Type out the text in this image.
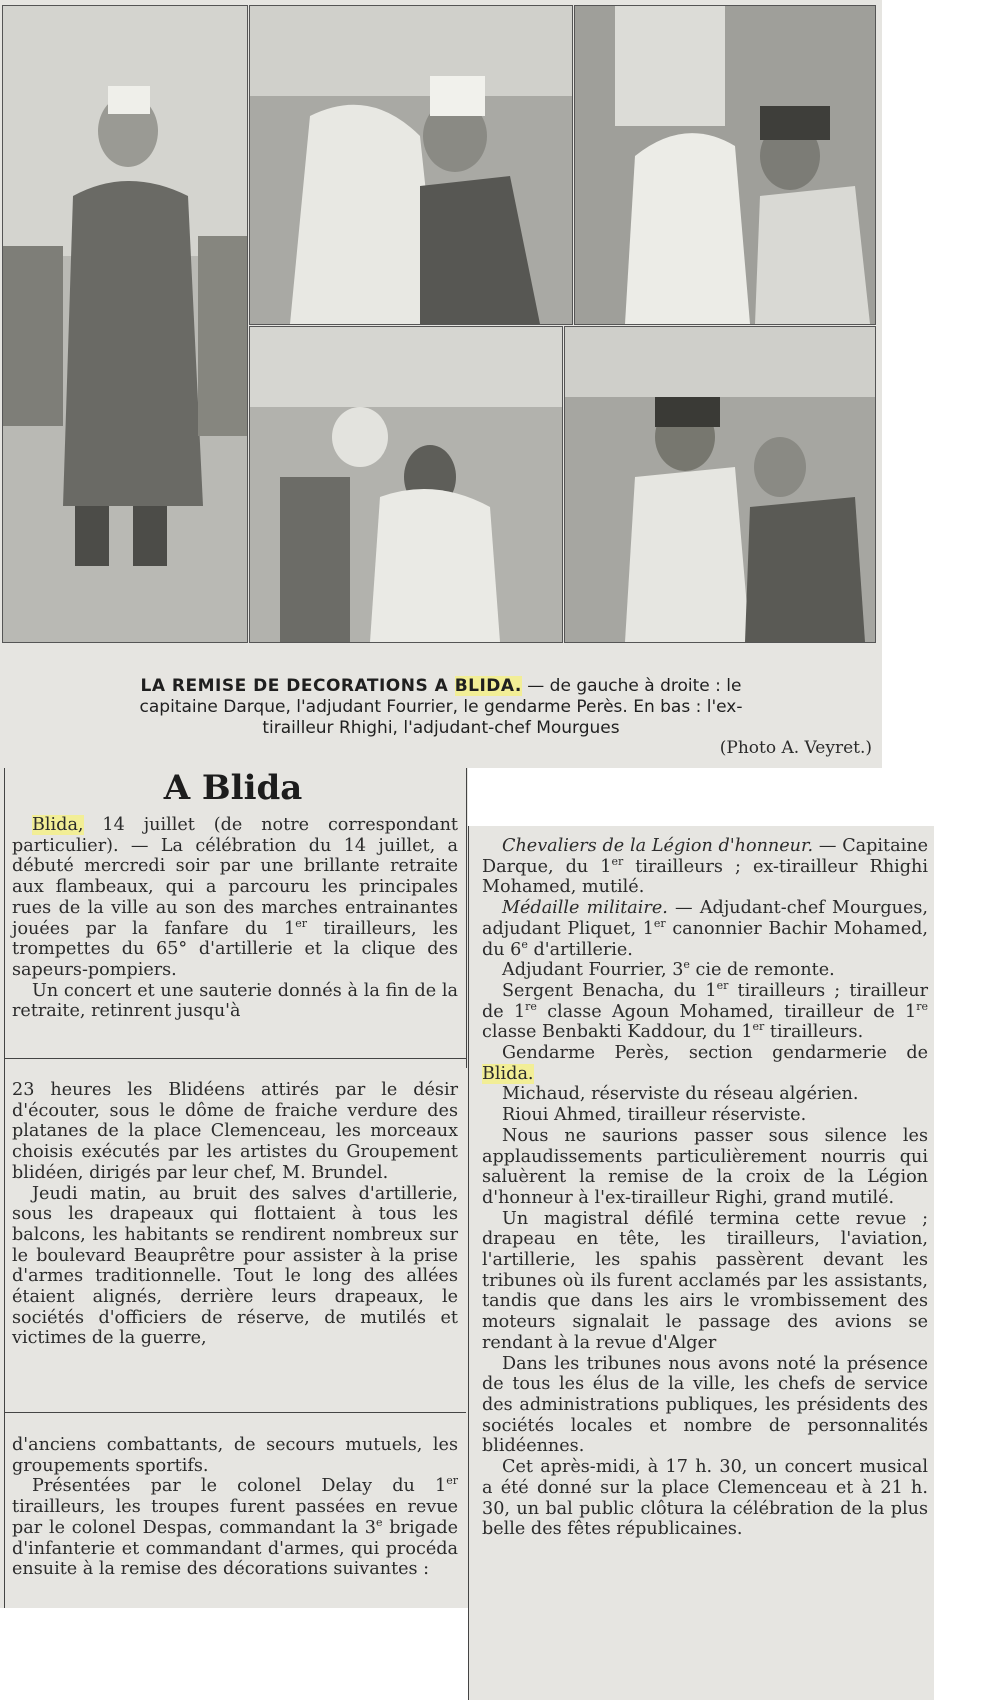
LA REMISE DE DECORATIONS A BLIDA. — de gauche à droite : le
capitaine Darque, l'adjudant Fourrier, le gendarme Perès. En bas : l'ex-
tirailleur Rhighi, l'adjudant-chef Mourgues
(Photo A. Veyret.)
A Blida

Blida, 14 juillet (de notre correspondant particulier). — La célébration du 14 juillet, a débuté mercredi soir par une brillante retraite aux flambeaux, qui a parcouru les principales rues de la ville au son des marches entrainantes jouées par la fanfare du 1er tirailleurs, les trompettes du 65° d'artillerie et la clique des sapeurs-pompiers.

Un concert et une sauterie donnés à la fin de la retraite, retinrent jusqu'à

23 heures les Blidéens attirés par le désir d'écouter, sous le dôme de fraiche verdure des platanes de la place Clemenceau, les morceaux choisis exécutés par les artistes du Groupement blidéen, dirigés par leur chef, M. Brundel.

Jeudi matin, au bruit des salves d'artillerie, sous les drapeaux qui flottaient à tous les balcons, les habitants se rendirent nombreux sur le boulevard Beauprêtre pour assister à la prise d'armes traditionnelle. Tout le long des allées étaient alignés, derrière leurs drapeaux, le sociétés d'officiers de réserve, de mutilés et victimes de la guerre,

d'anciens combattants, de secours mutuels, les groupements sportifs.

Présentées par le colonel Delay du 1er tirailleurs, les troupes furent passées en revue par le colonel Despas, commandant la 3e brigade d'infanterie et commandant d'armes, qui procéda ensuite à la remise des décorations suivantes :

Chevaliers de la Légion d'honneur. — Capitaine Darque, du 1er tirailleurs ; ex-tirailleur Rhighi Mohamed, mutilé.

Médaille militaire. — Adjudant-chef Mourgues, adjudant Pliquet, 1er canonnier Bachir Mohamed, du 6e d'artillerie.

Adjudant Fourrier, 3e cie de remonte.

Sergent Benacha, du 1er tirailleurs ; tirailleur de 1re classe Agoun Mohamed, tirailleur de 1re classe Benbakti Kaddour, du 1er tirailleurs.

Gendarme Perès, section gendarmerie de Blida.

Michaud, réserviste du réseau algérien.

Rioui Ahmed, tirailleur réserviste.

Nous ne saurions passer sous silence les applaudissements particulièrement nourris qui saluèrent la remise de la croix de la Légion d'honneur à l'ex-tirailleur Righi, grand mutilé.

Un magistral défilé termina cette revue ; drapeau en tête, les tirailleurs, l'aviation, l'artillerie, les spahis passèrent devant les tribunes où ils furent acclamés par les assistants, tandis que dans les airs le vrombissement des moteurs signalait le passage des avions se rendant à la revue d'Alger

Dans les tribunes nous avons noté la présence de tous les élus de la ville, les chefs de service des administrations publiques, les présidents des sociétés locales et nombre de personnalités blidéennes.

Cet après-midi, à 17 h. 30, un concert musical a été donné sur la place Clemenceau et à 21 h. 30, un bal public clôtura la célébration de la plus belle des fêtes républicaines.
